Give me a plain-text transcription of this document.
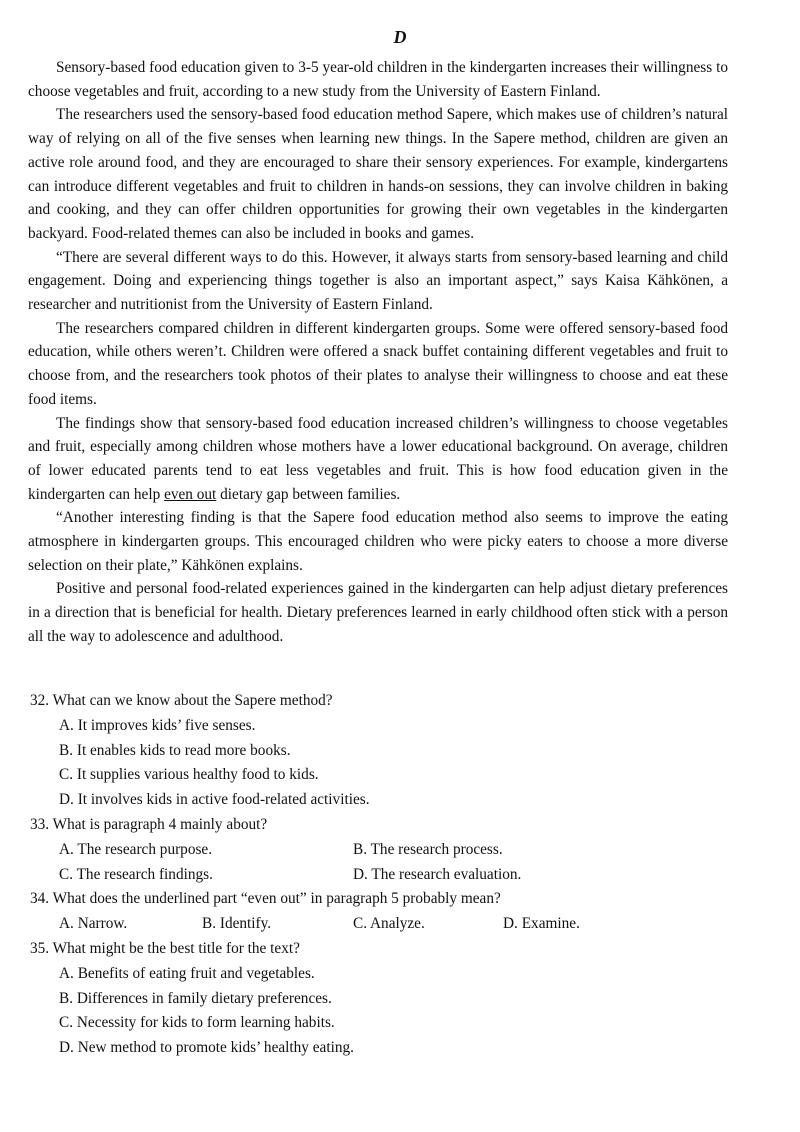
D

Sensory-based food education given to 3-5 year-old children in the kindergarten increases their willingness to choose vegetables and fruit, according to a new study from the University of Eastern Finland.

The researchers used the sensory-based food education method Sapere, which makes use of children’s natural way of relying on all of the five senses when learning new things. In the Sapere method, children are given an active role around food, and they are encouraged to share their sensory experiences. For example, kindergartens can introduce different vegetables and fruit to children in hands-on sessions, they can involve children in baking and cooking, and they can offer children opportunities for growing their own vegetables in the kindergarten backyard. Food-related themes can also be included in books and games.

“There are several different ways to do this. However, it always starts from sensory-based learning and child engagement. Doing and experiencing things together is also an important aspect,” says Kaisa Kähkönen, a researcher and nutritionist from the University of Eastern Finland.

The researchers compared children in different kindergarten groups. Some were offered sensory-based food education, while others weren’t. Children were offered a snack buffet containing different vegetables and fruit to choose from, and the researchers took photos of their plates to analyse their willingness to choose and eat these food items.

The findings show that sensory-based food education increased children’s willingness to choose vegetables and fruit, especially among children whose mothers have a lower educational background. On average, children of lower educated parents tend to eat less vegetables and fruit. This is how food education given in the kindergarten can help even out dietary gap between families.

“Another interesting finding is that the Sapere food education method also seems to improve the eating atmosphere in kindergarten groups. This encouraged children who were picky eaters to choose a more diverse selection on their plate,” Kähkönen explains.

Positive and personal food-related experiences gained in the kindergarten can help adjust dietary preferences in a direction that is beneficial for health. Dietary preferences learned in early childhood often stick with a person all the way to adolescence and adulthood.

32. What can we know about the Sapere method?

A. It improves kids’ five senses.

B. It enables kids to read more books.

C. It supplies various healthy food to kids.

D. It involves kids in active food-related activities.

33. What is paragraph 4 mainly about?

A. The research purpose.	B. The research process.
C. The research findings.	D. The research evaluation.

34. What does the underlined part “even out” in paragraph 5 probably mean?

A. Narrow.	B. Identify.	C. Analyze.	D. Examine.

35. What might be the best title for the text?

A. Benefits of eating fruit and vegetables.

B. Differences in family dietary preferences.

C. Necessity for kids to form learning habits.

D. New method to promote kids’ healthy eating.
